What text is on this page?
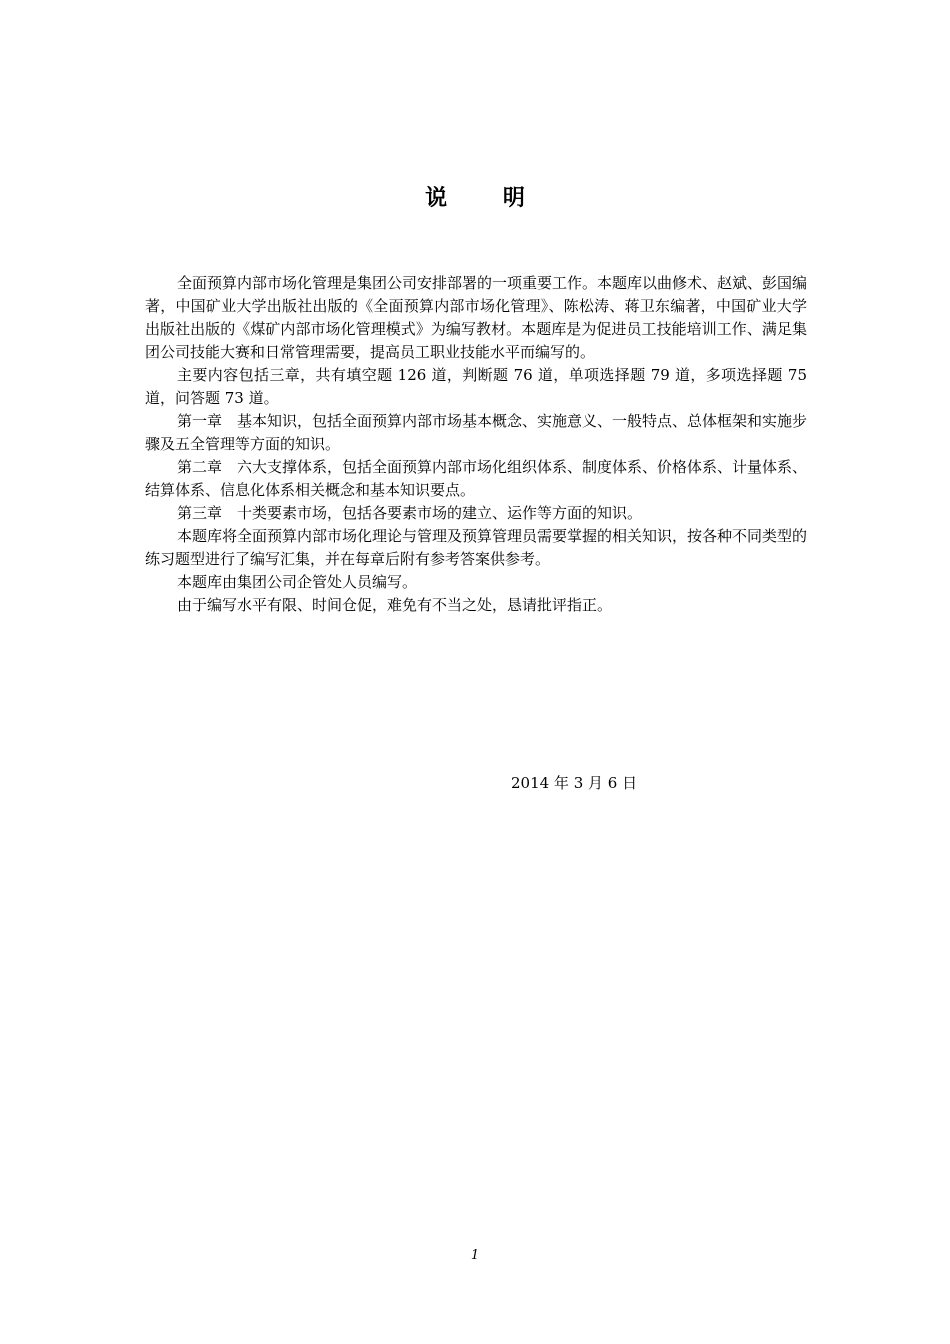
说 明

全面预算内部市场化管理是集团公司安排部署的一项重要工作。本题库以曲修术、赵斌、彭国编著，中国矿业大学出版社出版的《全面预算内部市场化管理》、陈松涛、蒋卫东编著，中国矿业大学出版社出版的《煤矿内部市场化管理模式》为编写教材。本题库是为促进员工技能培训工作、满足集团公司技能大赛和日常管理需要，提高员工职业技能水平而编写的。

主要内容包括三章，共有填空题 126 道，判断题 76 道，单项选择题 79 道，多项选择题 75 道，问答题 73 道。

第一章　基本知识，包括全面预算内部市场基本概念、实施意义、一般特点、总体框架和实施步骤及五全管理等方面的知识。

第二章　六大支撑体系，包括全面预算内部市场化组织体系、制度体系、价格体系、计量体系、结算体系、信息化体系相关概念和基本知识要点。

第三章　十类要素市场，包括各要素市场的建立、运作等方面的知识。

本题库将全面预算内部市场化理论与管理及预算管理员需要掌握的相关知识，按各种不同类型的练习题型进行了编写汇集，并在每章后附有参考答案供参考。

本题库由集团公司企管处人员编写。

由于编写水平有限、时间仓促，难免有不当之处，恳请批评指正。

2014 年 3 月 6 日
1
